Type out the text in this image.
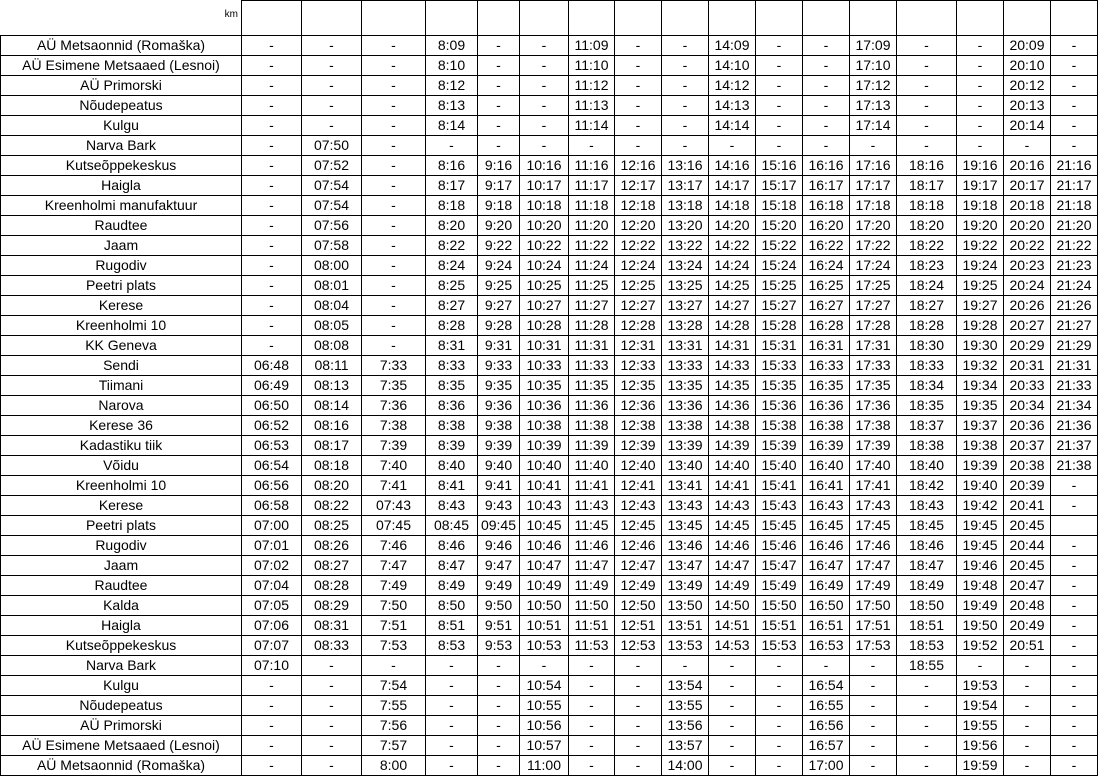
km																	
AÜ Metsaonnid (Romaška)	-	-	-	8:09	-	-	11:09	-	-	14:09	-	-	17:09	-	-	20:09	-
AÜ Esimene Metsaaed (Lesnoi)	-	-	-	8:10	-	-	11:10	-	-	14:10	-	-	17:10	-	-	20:10	-
AÜ Primorski	-	-	-	8:12	-	-	11:12	-	-	14:12	-	-	17:12	-	-	20:12	-
Nõudepeatus	-	-	-	8:13	-	-	11:13	-	-	14:13	-	-	17:13	-	-	20:13	-
Kulgu	-	-	-	8:14	-	-	11:14	-	-	14:14	-	-	17:14	-	-	20:14	-
Narva Bark	-	07:50	-	-	-	-	-	-	-	-	-	-	-	-	-	-	-
Kutseõppekeskus	-	07:52	-	8:16	9:16	10:16	11:16	12:16	13:16	14:16	15:16	16:16	17:16	18:16	19:16	20:16	21:16
Haigla	-	07:54	-	8:17	9:17	10:17	11:17	12:17	13:17	14:17	15:17	16:17	17:17	18:17	19:17	20:17	21:17
Kreenholmi manufaktuur	-	07:54	-	8:18	9:18	10:18	11:18	12:18	13:18	14:18	15:18	16:18	17:18	18:18	19:18	20:18	21:18
Raudtee	-	07:56	-	8:20	9:20	10:20	11:20	12:20	13:20	14:20	15:20	16:20	17:20	18:20	19:20	20:20	21:20
Jaam	-	07:58	-	8:22	9:22	10:22	11:22	12:22	13:22	14:22	15:22	16:22	17:22	18:22	19:22	20:22	21:22
Rugodiv	-	08:00	-	8:24	9:24	10:24	11:24	12:24	13:24	14:24	15:24	16:24	17:24	18:23	19:24	20:23	21:23
Peetri plats	-	08:01	-	8:25	9:25	10:25	11:25	12:25	13:25	14:25	15:25	16:25	17:25	18:24	19:25	20:24	21:24
Kerese	-	08:04	-	8:27	9:27	10:27	11:27	12:27	13:27	14:27	15:27	16:27	17:27	18:27	19:27	20:26	21:26
Kreenholmi 10	-	08:05	-	8:28	9:28	10:28	11:28	12:28	13:28	14:28	15:28	16:28	17:28	18:28	19:28	20:27	21:27
KK Geneva	-	08:08	-	8:31	9:31	10:31	11:31	12:31	13:31	14:31	15:31	16:31	17:31	18:30	19:30	20:29	21:29
Sendi	06:48	08:11	7:33	8:33	9:33	10:33	11:33	12:33	13:33	14:33	15:33	16:33	17:33	18:33	19:32	20:31	21:31
Tiimani	06:49	08:13	7:35	8:35	9:35	10:35	11:35	12:35	13:35	14:35	15:35	16:35	17:35	18:34	19:34	20:33	21:33
Narova	06:50	08:14	7:36	8:36	9:36	10:36	11:36	12:36	13:36	14:36	15:36	16:36	17:36	18:35	19:35	20:34	21:34
Kerese 36	06:52	08:16	7:38	8:38	9:38	10:38	11:38	12:38	13:38	14:38	15:38	16:38	17:38	18:37	19:37	20:36	21:36
Kadastiku tiik	06:53	08:17	7:39	8:39	9:39	10:39	11:39	12:39	13:39	14:39	15:39	16:39	17:39	18:38	19:38	20:37	21:37
Võidu	06:54	08:18	7:40	8:40	9:40	10:40	11:40	12:40	13:40	14:40	15:40	16:40	17:40	18:40	19:39	20:38	21:38
Kreenholmi 10	06:56	08:20	7:41	8:41	9:41	10:41	11:41	12:41	13:41	14:41	15:41	16:41	17:41	18:42	19:40	20:39	-
Kerese	06:58	08:22	07:43	8:43	9:43	10:43	11:43	12:43	13:43	14:43	15:43	16:43	17:43	18:43	19:42	20:41	-
Peetri plats	07:00	08:25	07:45	08:45	09:45	10:45	11:45	12:45	13:45	14:45	15:45	16:45	17:45	18:45	19:45	20:45	
Rugodiv	07:01	08:26	7:46	8:46	9:46	10:46	11:46	12:46	13:46	14:46	15:46	16:46	17:46	18:46	19:45	20:44	-
Jaam	07:02	08:27	7:47	8:47	9:47	10:47	11:47	12:47	13:47	14:47	15:47	16:47	17:47	18:47	19:46	20:45	-
Raudtee	07:04	08:28	7:49	8:49	9:49	10:49	11:49	12:49	13:49	14:49	15:49	16:49	17:49	18:49	19:48	20:47	-
Kalda	07:05	08:29	7:50	8:50	9:50	10:50	11:50	12:50	13:50	14:50	15:50	16:50	17:50	18:50	19:49	20:48	-
Haigla	07:06	08:31	7:51	8:51	9:51	10:51	11:51	12:51	13:51	14:51	15:51	16:51	17:51	18:51	19:50	20:49	-
Kutseõppekeskus	07:07	08:33	7:53	8:53	9:53	10:53	11:53	12:53	13:53	14:53	15:53	16:53	17:53	18:53	19:52	20:51	-
Narva Bark	07:10	-	-	-	-	-	-	-	-	-	-	-	-	18:55	-	-	-
Kulgu	-	-	7:54	-	-	10:54	-	-	13:54	-	-	16:54	-	-	19:53	-	-
Nõudepeatus	-	-	7:55	-	-	10:55	-	-	13:55	-	-	16:55	-	-	19:54	-	-
AÜ Primorski	-	-	7:56	-	-	10:56	-	-	13:56	-	-	16:56	-	-	19:55	-	-
AÜ Esimene Metsaaed (Lesnoi)	-	-	7:57	-	-	10:57	-	-	13:57	-	-	16:57	-	-	19:56	-	-
AÜ Metsaonnid (Romaška)	-	-	8:00	-	-	11:00	-	-	14:00	-	-	17:00	-	-	19:59	-	-
